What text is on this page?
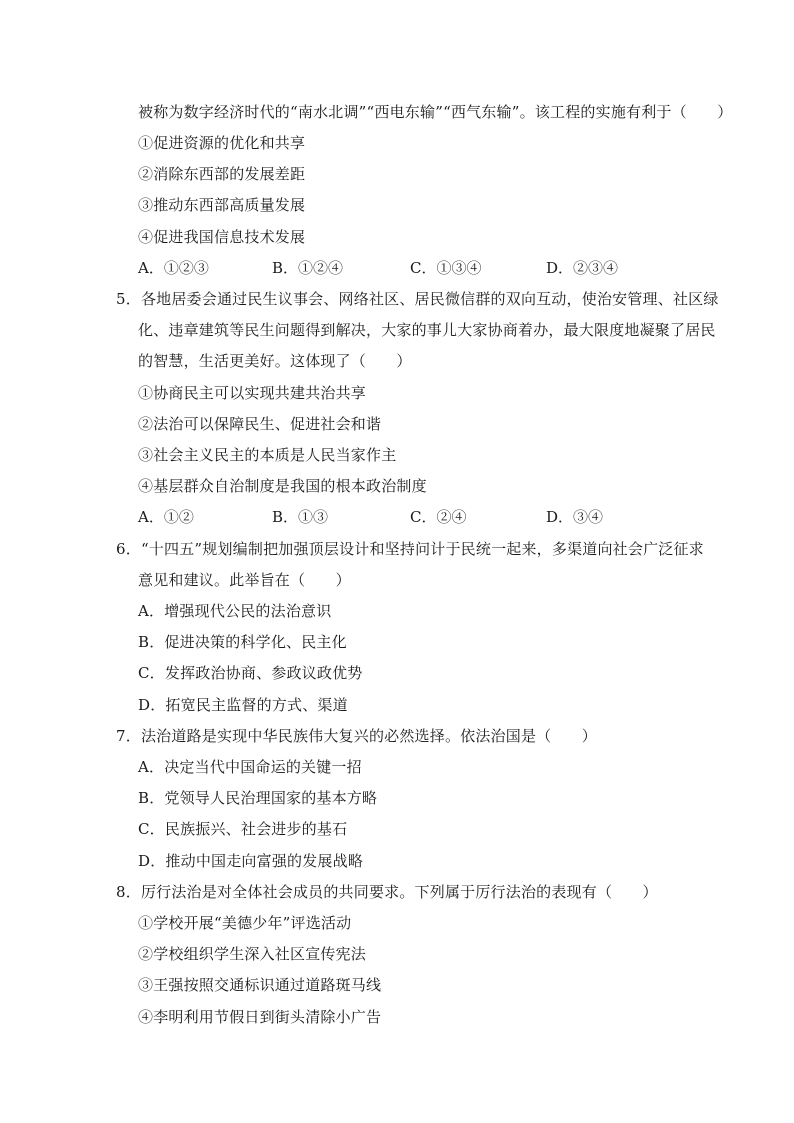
被称为数字经济时代的“南水北调”“西电东输”“西气东输”。该工程的实施有利于（　　）
①促进资源的优化和共享
②消除东西部的发展差距
③推动东西部高质量发展
④促进我国信息技术发展
A．①②③	B．①②④	C．①③④	D．②③④
5．各地居委会通过民生议事会、网络社区、居民微信群的双向互动，使治安管理、社区绿
化、违章建筑等民生问题得到解决，大家的事儿大家协商着办，最大限度地凝聚了居民
的智慧，生活更美好。这体现了（　　）
①协商民主可以实现共建共治共享
②法治可以保障民生、促进社会和谐
③社会主义民主的本质是人民当家作主
④基层群众自治制度是我国的根本政治制度
A．①②	B．①③	C．②④	D．③④
6．“十四五”规划编制把加强顶层设计和坚持问计于民统一起来，多渠道向社会广泛征求
意见和建议。此举旨在（　　）
A．增强现代公民的法治意识
B．促进决策的科学化、民主化
C．发挥政治协商、参政议政优势
D．拓宽民主监督的方式、渠道
7．法治道路是实现中华民族伟大复兴的必然选择。依法治国是（　　）
A．决定当代中国命运的关键一招
B．党领导人民治理国家的基本方略
C．民族振兴、社会进步的基石
D．推动中国走向富强的发展战略
8．厉行法治是对全体社会成员的共同要求。下列属于厉行法治的表现有（　　）
①学校开展“美德少年”评选活动
②学校组织学生深入社区宣传宪法
③王强按照交通标识通过道路斑马线
④李明利用节假日到街头清除小广告
